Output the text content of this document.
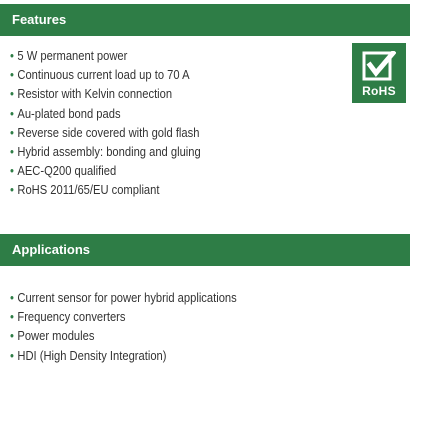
Features
• 5 W permanent power
• Continuous current load up to 70 A
• Resistor with Kelvin connection
• Au-plated bond pads
• Reverse side covered with gold flash
• Hybrid assembly: bonding and gluing
• AEC-Q200 qualified
• RoHS 2011/65/EU compliant
RoHS
Applications
• Current sensor for power hybrid applications
• Frequency converters
• Power modules
• HDI (High Density Integration)
